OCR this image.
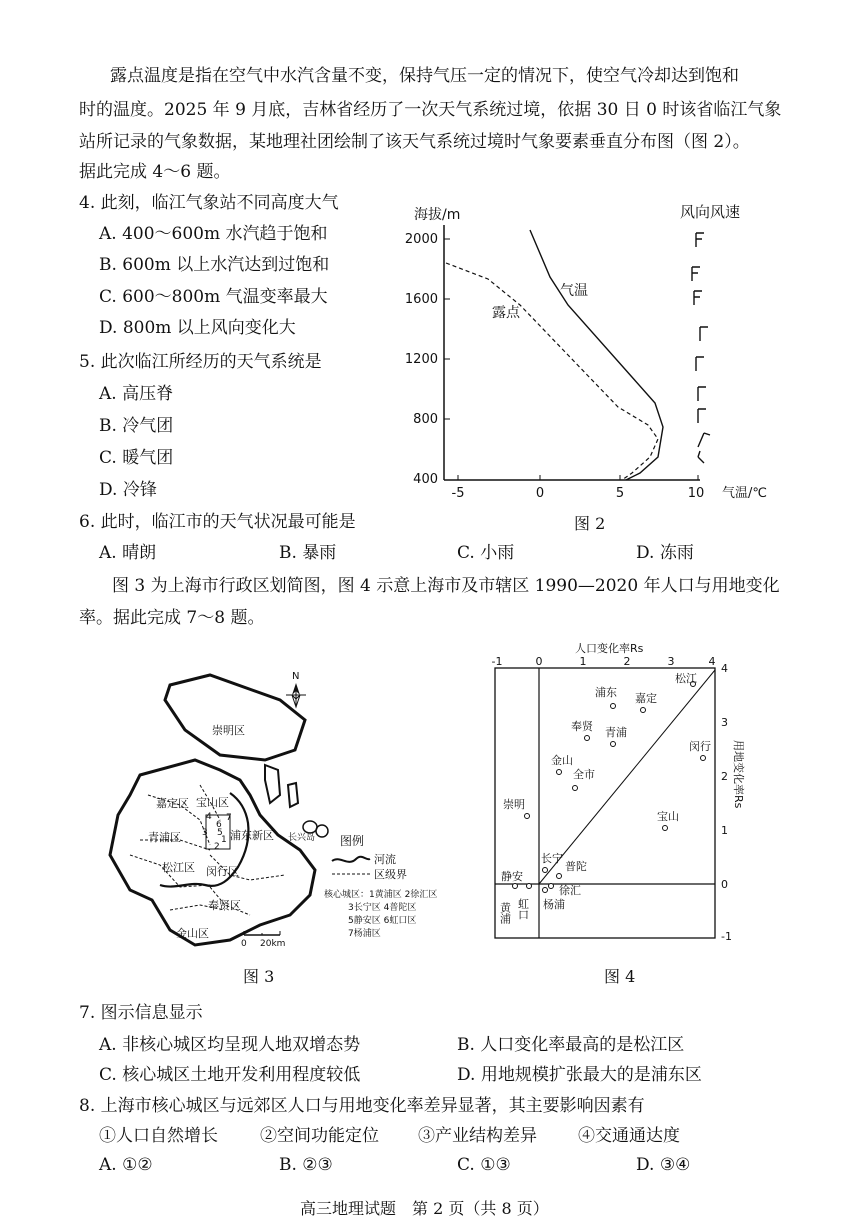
露点温度是指在空气中水汽含量不变，保持气压一定的情况下，使空气冷却达到饱和
时的温度。2025 年 9 月底，吉林省经历了一次天气系统过境，依据 30 日 0 时该省临江气象
站所记录的气象数据，某地理社团绘制了该天气系统过境时气象要素垂直分布图（图 2）。
据此完成 4～6 题。
4. 此刻，临江气象站不同高度大气
A. 400～600m 水汽趋于饱和
B. 600m 以上水汽达到过饱和
C. 600～800m 气温变率最大
D. 800m 以上风向变化大
5. 此次临江所经历的天气系统是
A. 高压脊
B. 冷气团
C. 暖气团
D. 冷锋
6. 此时，临江市的天气状况最可能是
A. 晴朗	B. 暴雨	C. 小雨	D. 冻雨
图 3 为上海市行政区划简图，图 4 示意上海市及市辖区 1990—2020 年人口与用地变化
率。据此完成 7～8 题。
海拔/m	风向风速
2000
1600
1200
800
400
-5	0	5	10 气温/℃
气温
露点
图 2
崇明区
7
4
6
3 5
1
2
宝山区
嘉定区
青浦区
松江区 闵行区
浦东新区
奉贤区
金山区
长兴岛
N
图例
河流
区级界
核心城区：1黄浦区 2徐汇区
3长宁区 4普陀区
5静安区 6虹口区
7杨浦区
0 20km
图 3
人口变化率Rs
-1	0	1	2	3	4
4
3
2
1
0
-1
用地变化率Rs
松江
浦东 嘉定
奉贤 青浦
闵行
金山
全市
崇明
宝山
长宁
普陀
静安
徐汇
杨浦
黄浦 虹口
图 4
7. 图示信息显示
A. 非核心城区均呈现人地双增态势	B. 人口变化率最高的是松江区
C. 核心城区土地开发利用程度较低	D. 用地规模扩张最大的是浦东区
8. 上海市核心城区与远郊区人口与用地变化率差异显著，其主要影响因素有
①人口自然增长 ②空间功能定位 ③产业结构差异 ④交通通达度
A. ①②	B. ②③	C. ①③	D. ③④
高三地理试题　第 2 页（共 8 页）
